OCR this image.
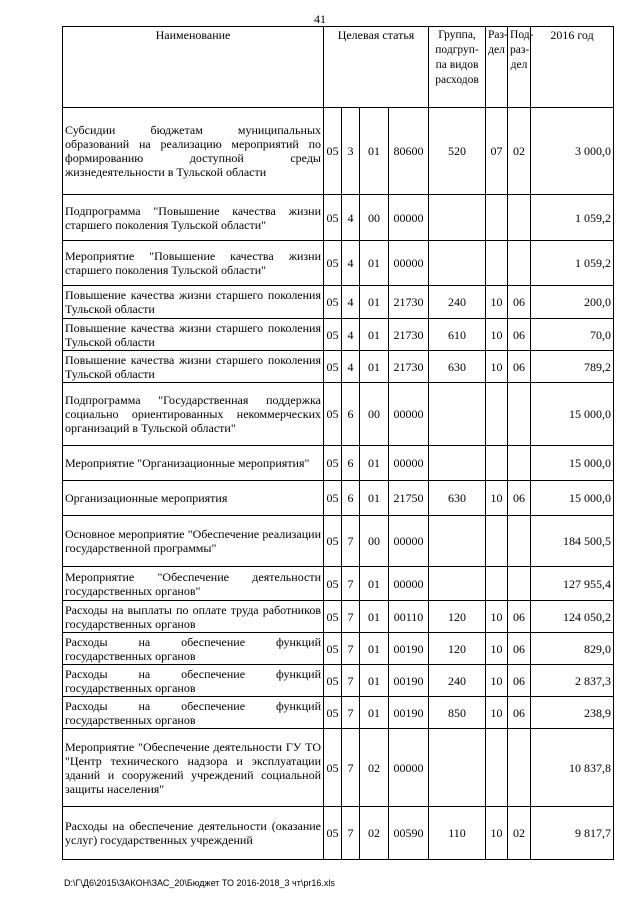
41
Наименование	Целевая статья				Группа, подгруп-па видов расходов	Раз-дел	Под-раз-дел	2016 год
Субсидии бюджетам муниципальных образований на реализацию мероприятий по формированию доступной среды жизнедеятельности в Тульской области	05	3	01	80600	520	07	02	3 000,0
Подпрограмма "Повышение качества жизни старшего поколения Тульской области"	05	4	00	00000				1 059,2
Мероприятие "Повышение качества жизни старшего поколения Тульской области"	05	4	01	00000				1 059,2
Повышение качества жизни старшего поколения Тульской области	05	4	01	21730	240	10	06	200,0
Повышение качества жизни старшего поколения Тульской области	05	4	01	21730	610	10	06	70,0
Повышение качества жизни старшего поколения Тульской области	05	4	01	21730	630	10	06	789,2
Подпрограмма "Государственная поддержка социально ориентированных некоммерческих организаций в Тульской области"	05	6	00	00000				15 000,0
Мероприятие "Организационные мероприятия"	05	6	01	00000				15 000,0
Организационные мероприятия	05	6	01	21750	630	10	06	15 000,0
Основное мероприятие "Обеспечение реализации государственной программы"	05	7	00	00000				184 500,5
Мероприятие "Обеспечение деятельности государственных органов"	05	7	01	00000				127 955,4
Расходы на выплаты по оплате труда работников государственных органов	05	7	01	00110	120	10	06	124 050,2
Расходы на обеспечение функций государственных органов	05	7	01	00190	120	10	06	829,0
Расходы на обеспечение функций государственных органов	05	7	01	00190	240	10	06	2 837,3
Расходы на обеспечение функций государственных органов	05	7	01	00190	850	10	06	238,9
Мероприятие "Обеспечение деятельности ГУ ТО "Центр технического надзора и эксплуатации зданий и сооружений учреждений социальной защиты населения"	05	7	02	00000				10 837,8
Расходы на обеспечение деятельности (оказание услуг) государственных учреждений	05	7	02	00590	110	10	02	9 817,7
D:\Г\Д6\2015\ЗАКОН\ЗАС_20\Бюджет ТО 2016-2018_3 чт\pr16.xls
